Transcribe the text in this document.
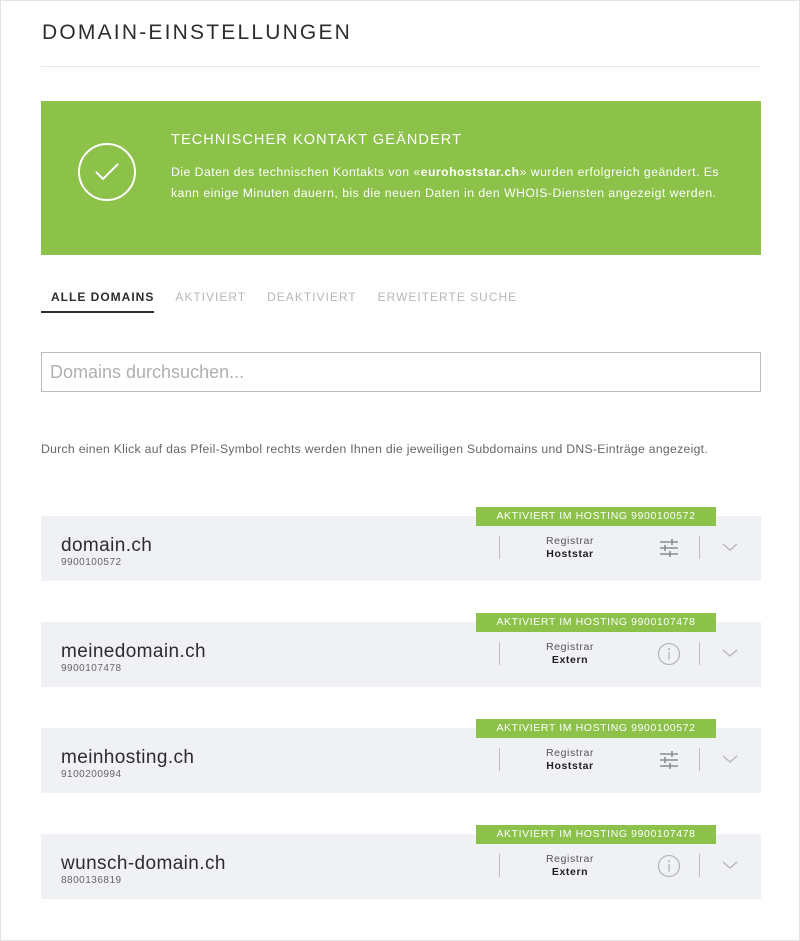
DOMAIN-EINSTELLUNGEN
TECHNISCHER KONTAKT GEÄNDERT
Die Daten des technischen Kontakts von «eurohoststar.ch» wurden erfolgreich geändert. Es kann einige Minuten dauern, bis die neuen Daten in den WHOIS-Diensten angezeigt werden.
ALLE DOMAINS AKTIVIERT DEAKTIVIERT ERWEITERTE SUCHE
Domains durchsuchen...
Durch einen Klick auf das Pfeil-Symbol rechts werden Ihnen die jeweiligen Subdomains und DNS-Einträge angezeigt.
AKTIVIERT IM HOSTING 9900100572
domain.ch
9900100572
Registrar
Hoststar
AKTIVIERT IM HOSTING 9900107478
meinedomain.ch
9900107478
Registrar
Extern
AKTIVIERT IM HOSTING 9900100572
meinhosting.ch
9100200994
Registrar
Hoststar
AKTIVIERT IM HOSTING 9900107478
wunsch-domain.ch
8800136819
Registrar
Extern
